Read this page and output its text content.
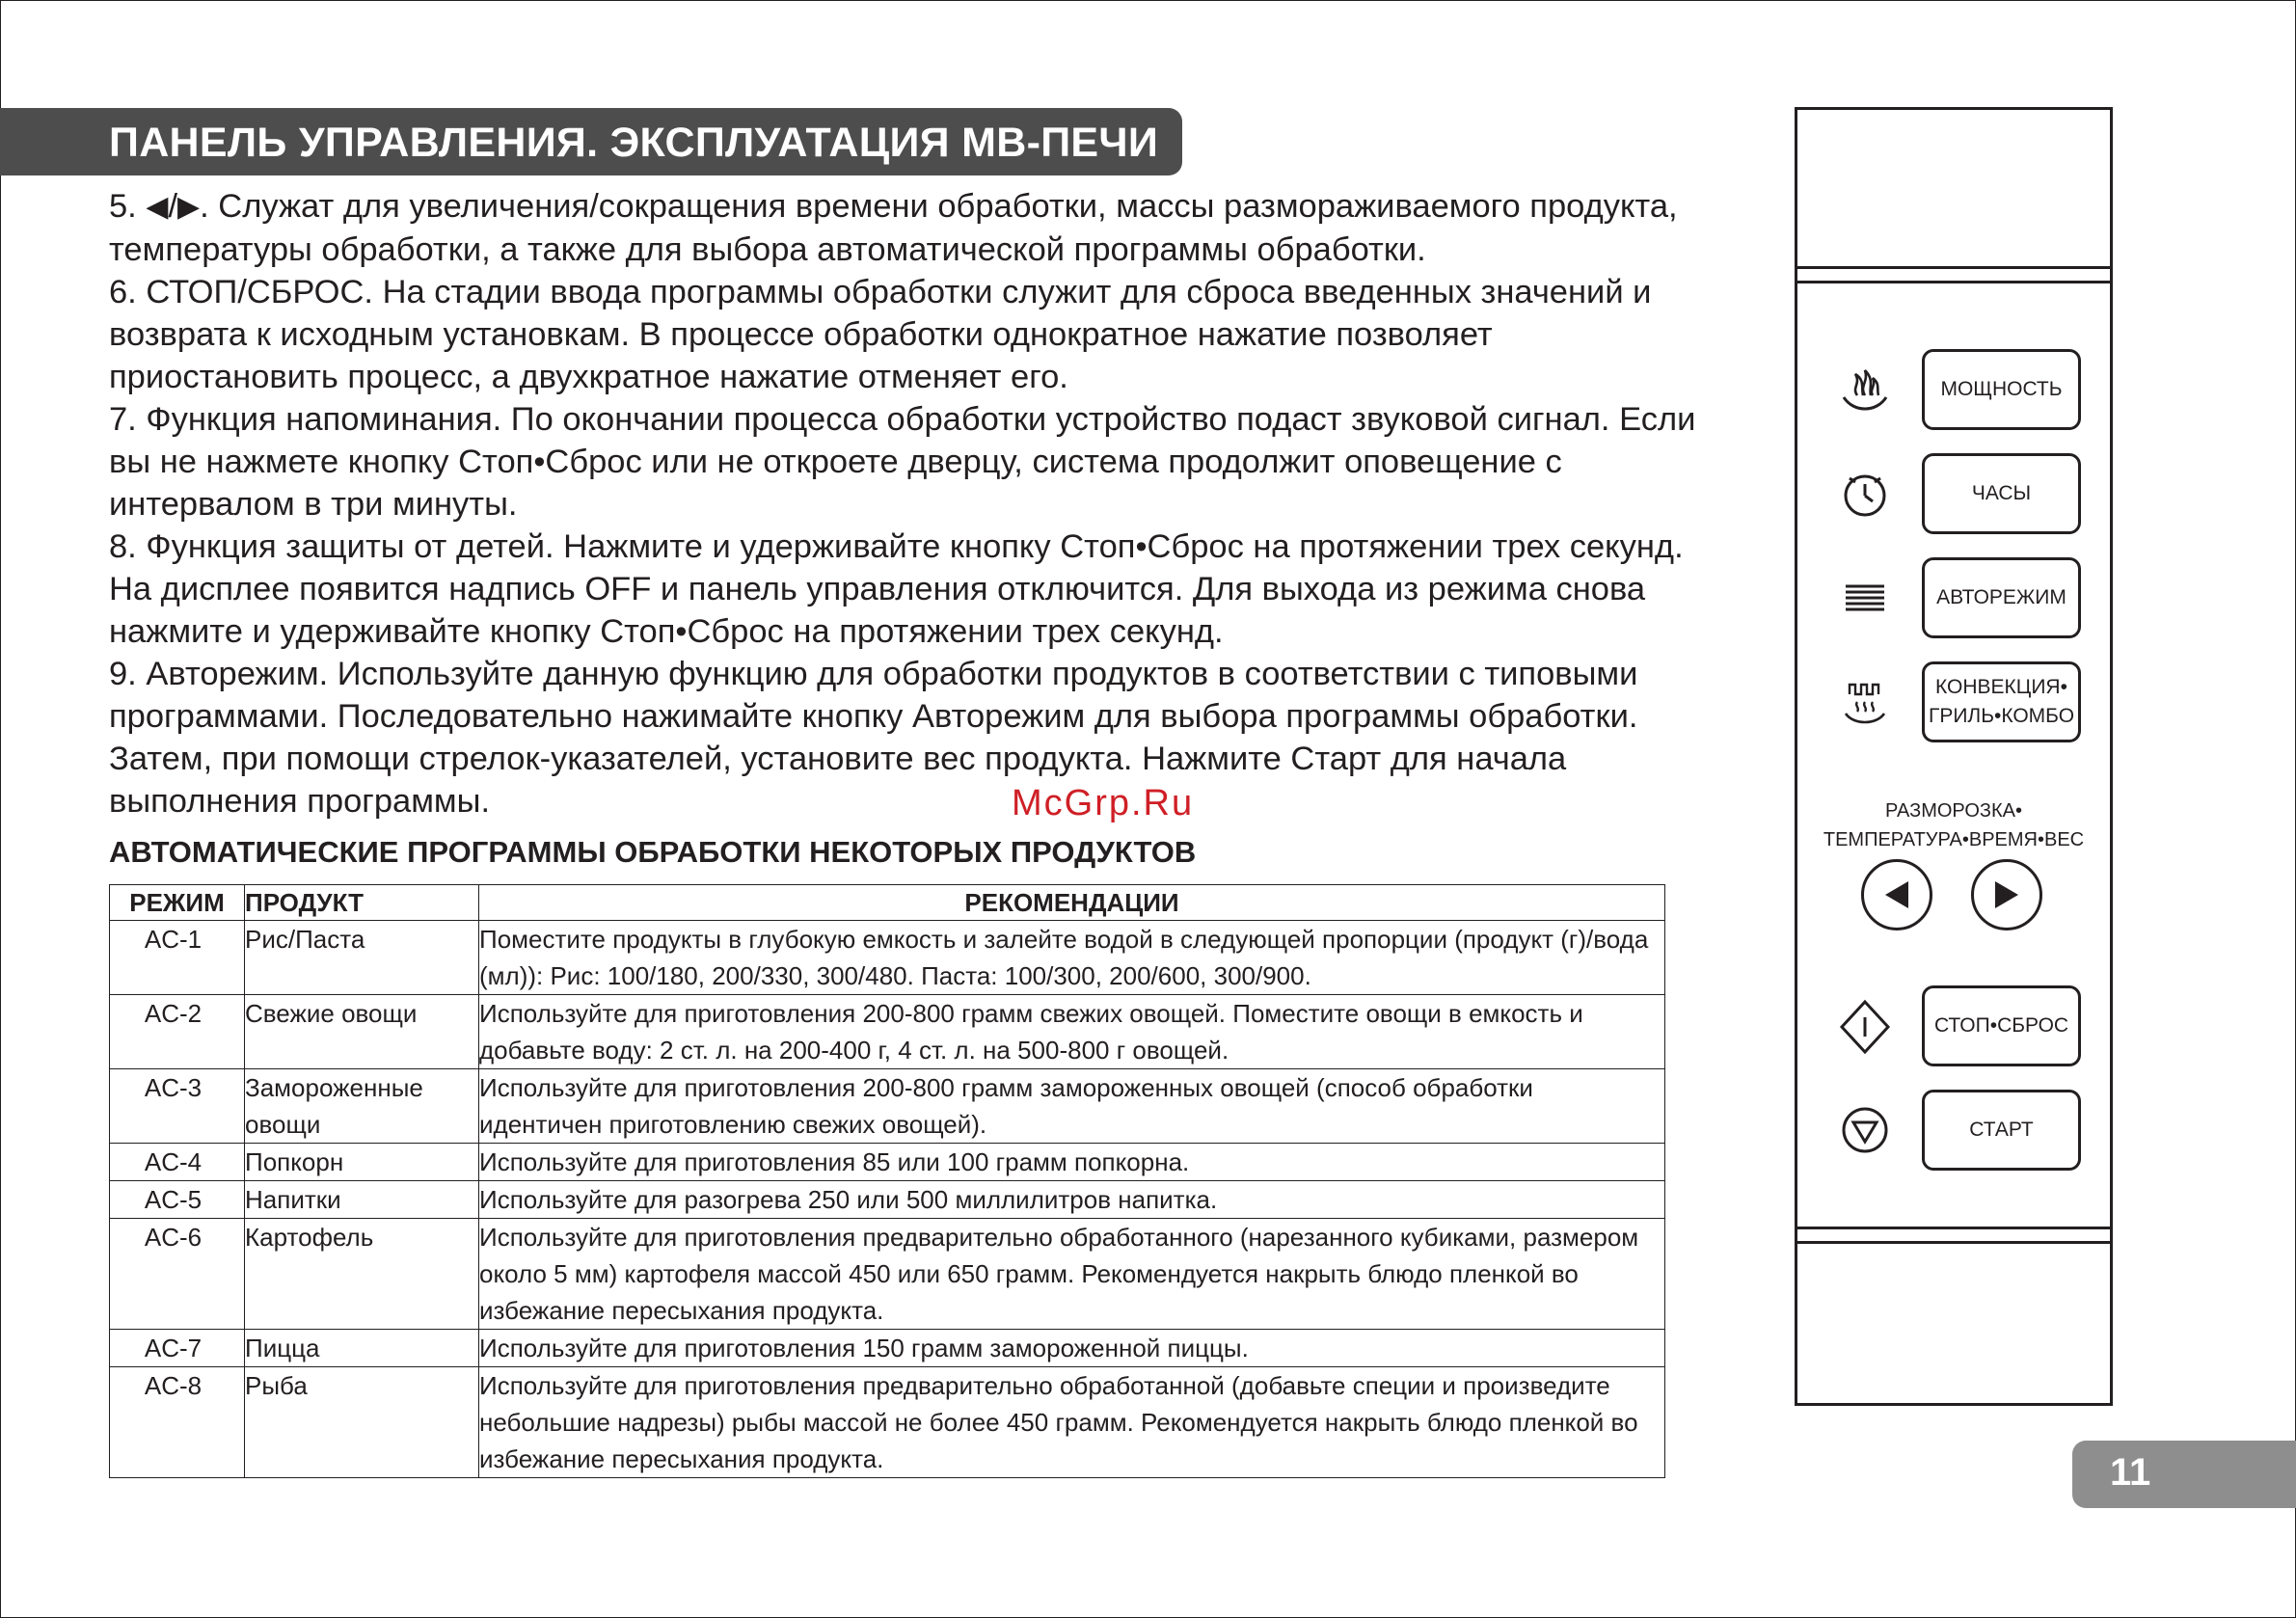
ПАНЕЛЬ УПРАВЛЕНИЯ. ЭКСПЛУАТАЦИЯ МВ-ПЕЧИ

5. ◀/▶. Служат для увеличения/сокращения времени обработки, массы размораживаемого продукта, температуры обработки, а также для выбора автоматической программы обработки.

6. СТОП/СБРОС. На стадии ввода программы обработки служит для сброса введенных значений и возврата к исходным установкам. В процессе обработки однократное нажатие позволяет приостановить процесс, а двухкратное нажатие отменяет его.

7. Функция напоминания. По окончании процесса обработки устройство подаст звуковой сигнал. Если вы не нажмете кнопку Стоп•Сброс или не откроете дверцу, система продолжит оповещение с интервалом в три минуты.

8. Функция защиты от детей. Нажмите и удерживайте кнопку Стоп•Сброс на протяжении трех секунд. На дисплее появится надпись OFF и панель управления отключится. Для выхода из режима снова нажмите и удерживайте кнопку Стоп•Сброс на протяжении трех секунд.

9. Авторежим. Используйте данную функцию для обработки продуктов в соответствии с типовыми программами. Последовательно нажимайте кнопку Авторежим для выбора программы обработки. Затем, при помощи стрелок-указателей, установите вес продукта. Нажмите Старт для начала выполнения программы.	McGrp.Ru
АВТОМАТИЧЕСКИЕ ПРОГРАММЫ ОБРАБОТКИ НЕКОТОРЫХ ПРОДУКТОВ
РЕЖИМ	ПРОДУКТ	РЕКОМЕНДАЦИИ
AC-1	Рис/Паста	Поместите продукты в глубокую емкость и залейте водой в следующей пропорции (продукт (г)/вода (мл)): Рис: 100/180, 200/330, 300/480. Паста: 100/300, 200/600, 300/900.
AC-2	Свежие овощи	Используйте для приготовления 200-800 грамм свежих овощей. Поместите овощи в емкость и добавьте воду: 2 ст. л. на 200-400 г, 4 ст. л. на 500-800 г овощей.
AC-3	Замороженные овощи	Используйте для приготовления 200-800 грамм замороженных овощей (способ обработки идентичен приготовлению свежих овощей).
AC-4	Попкорн	Используйте для приготовления 85 или 100 грамм попкорна.
AC-5	Напитки	Используйте для разогрева 250 или 500 миллилитров напитка.
AC-6	Картофель	Используйте для приготовления предварительно обработанного (нарезанного кубиками, размером около 5 мм) картофеля массой 450 или 650 грамм. Рекомендуется накрыть блюдо пленкой во избежание пересыхания продукта.
AC-7	Пицца	Используйте для приготовления 150 грамм замороженной пиццы.
AC-8	Рыба	Используйте для приготовления предварительно обработанной (добавьте специи и произведите небольшие надрезы) рыбы массой не более 450 грамм. Рекомендуется накрыть блюдо пленкой во избежание пересыхания продукта.
МОЩНОСТЬ
ЧАСЫ
АВТОРЕЖИМ
КОНВЕКЦИЯ•
ГРИЛЬ•КОМБО
РАЗМОРОЗКА•
ТЕМПЕРАТУРА•ВРЕМЯ•ВЕС
СТОП•СБРОС
СТАРТ
11
